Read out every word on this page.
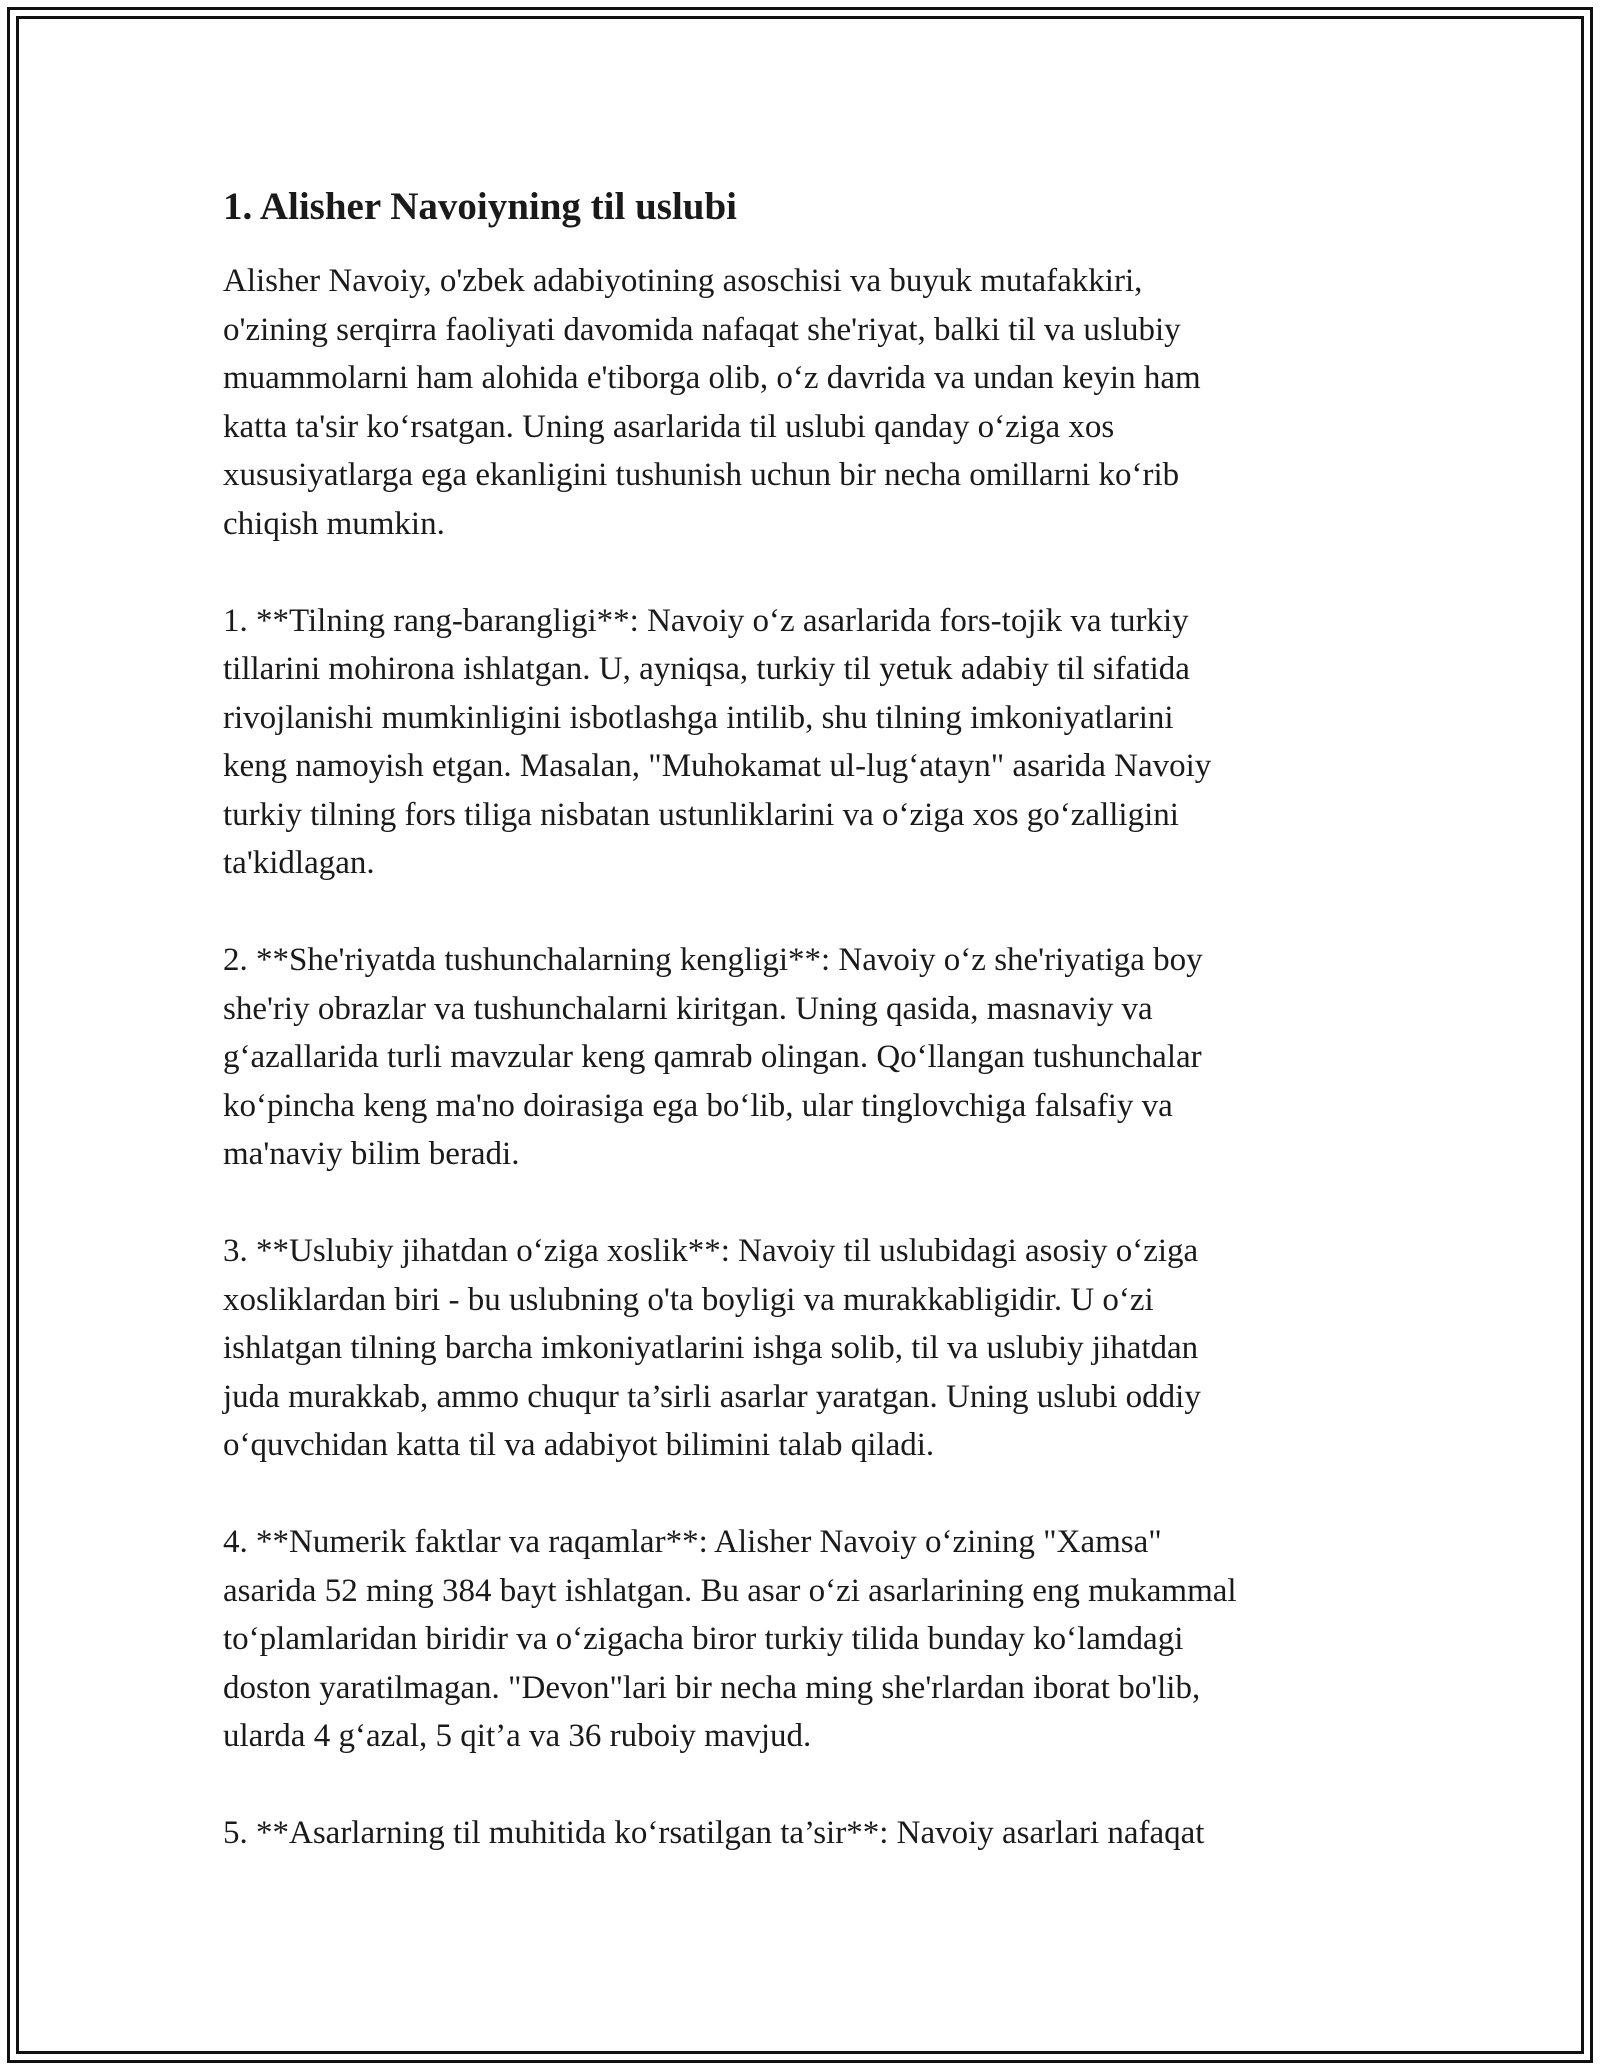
1. Alisher Navoiyning til uslubi

Alisher Navoiy, o'zbek adabiyotining asoschisi va buyuk mutafakkiri,

o'zining serqirra faoliyati davomida nafaqat she'riyat, balki til va uslubiy

muammolarni ham alohida e'tiborga olib, o‘z davrida va undan keyin ham

katta ta'sir ko‘rsatgan. Uning asarlarida til uslubi qanday o‘ziga xos

xususiyatlarga ega ekanligini tushunish uchun bir necha omillarni ko‘rib

chiqish mumkin.

1. **Tilning rang-barangligi**: Navoiy o‘z asarlarida fors-tojik va turkiy

tillarini mohirona ishlatgan. U, ayniqsa, turkiy til yetuk adabiy til sifatida

rivojlanishi mumkinligini isbotlashga intilib, shu tilning imkoniyatlarini

keng namoyish etgan. Masalan, "Muhokamat ul-lug‘atayn" asarida Navoiy

turkiy tilning fors tiliga nisbatan ustunliklarini va o‘ziga xos go‘zalligini

ta'kidlagan.

2. **She'riyatda tushunchalarning kengligi**: Navoiy o‘z she'riyatiga boy

she'riy obrazlar va tushunchalarni kiritgan. Uning qasida, masnaviy va

g‘azallarida turli mavzular keng qamrab olingan. Qo‘llangan tushunchalar

ko‘pincha keng ma'no doirasiga ega bo‘lib, ular tinglovchiga falsafiy va

ma'naviy bilim beradi.

3. **Uslubiy jihatdan o‘ziga xoslik**: Navoiy til uslubidagi asosiy o‘ziga

xosliklardan biri - bu uslubning o'ta boyligi va murakkabligidir. U o‘zi

ishlatgan tilning barcha imkoniyatlarini ishga solib, til va uslubiy jihatdan

juda murakkab, ammo chuqur ta’sirli asarlar yaratgan. Uning uslubi oddiy

o‘quvchidan katta til va adabiyot bilimini talab qiladi.

4. **Numerik faktlar va raqamlar**: Alisher Navoiy o‘zining "Xamsa"

asarida 52 ming 384 bayt ishlatgan. Bu asar o‘zi asarlarining eng mukammal

to‘plamlaridan biridir va o‘zigacha biror turkiy tilida bunday ko‘lamdagi

doston yaratilmagan. "Devon"lari bir necha ming she'rlardan iborat bo'lib,

ularda 4 g‘azal, 5 qit’a va 36 ruboiy mavjud.

5. **Asarlarning til muhitida ko‘rsatilgan ta’sir**: Navoiy asarlari nafaqat
